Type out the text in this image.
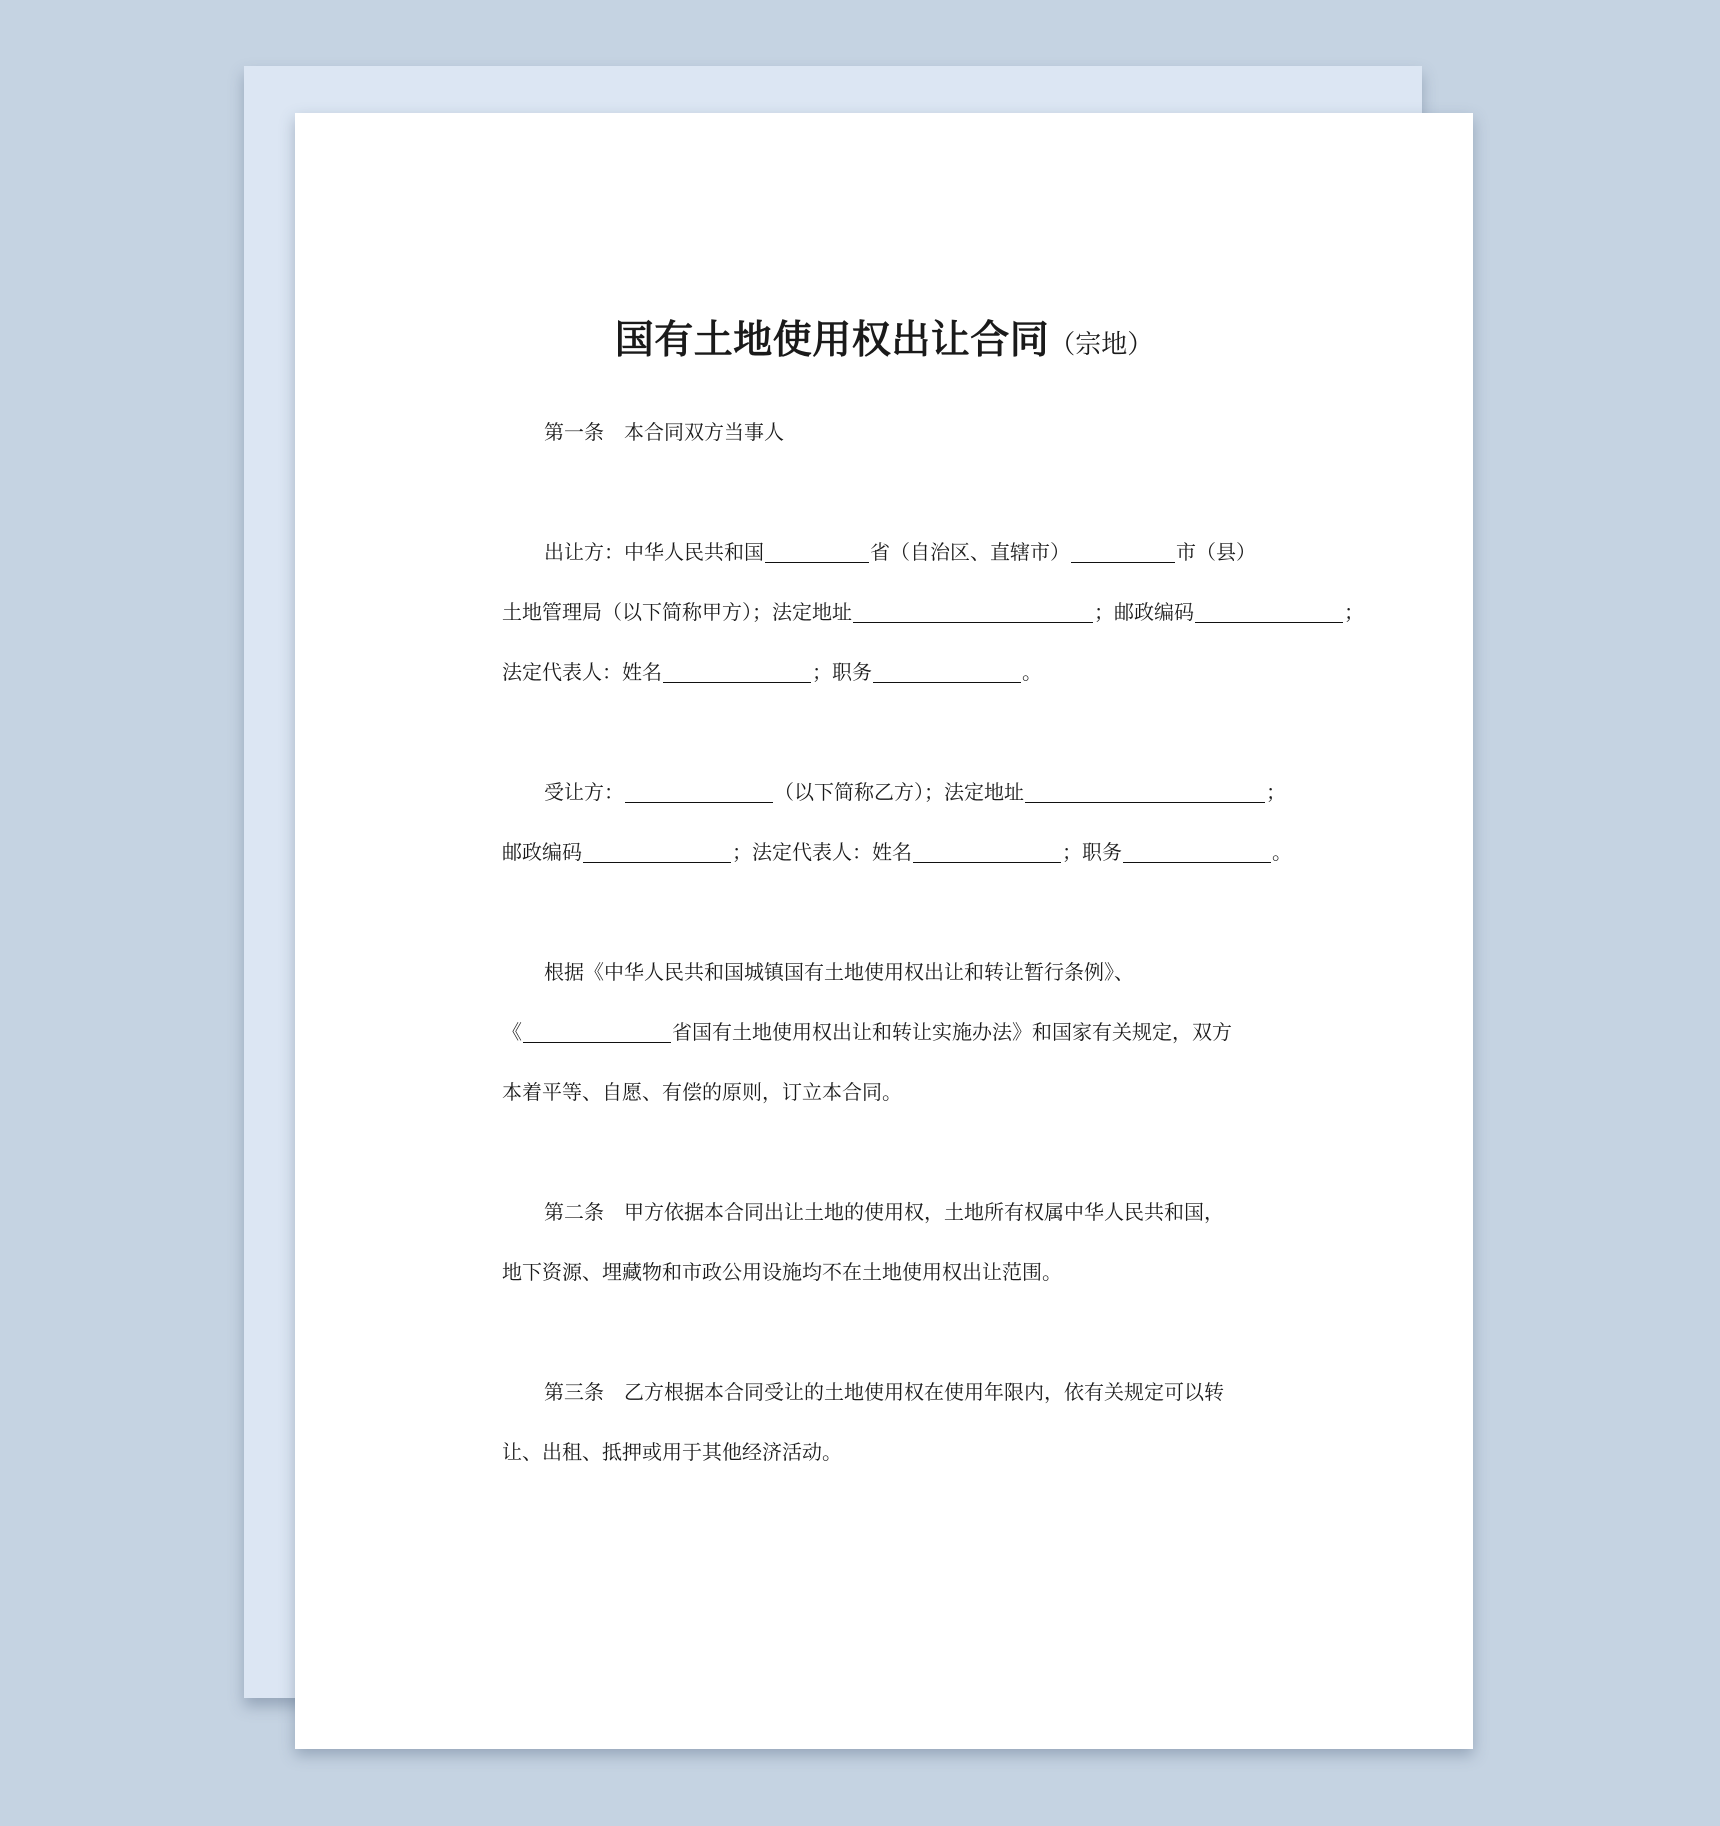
国有土地使用权出让合同（宗地）
第一条　本合同双方当事人
出让方：中华人民共和国	省（自治区、直辖市）	市（县）
土地管理局（以下简称甲方）；法定地址	；邮政编码	；
法定代表人：姓名	；职务	。
受让方：	（以下简称乙方）；法定地址	；
邮政编码	；法定代表人：姓名	；职务	。
根据《中华人民共和国城镇国有土地使用权出让和转让暂行条例》、
《	省国有土地使用权出让和转让实施办法》和国家有关规定，双方
本着平等、自愿、有偿的原则，订立本合同。
第二条　甲方依据本合同出让土地的使用权，土地所有权属中华人民共和国，
地下资源、埋藏物和市政公用设施均不在土地使用权出让范围。
第三条　乙方根据本合同受让的土地使用权在使用年限内，依有关规定可以转
让、出租、抵押或用于其他经济活动。
